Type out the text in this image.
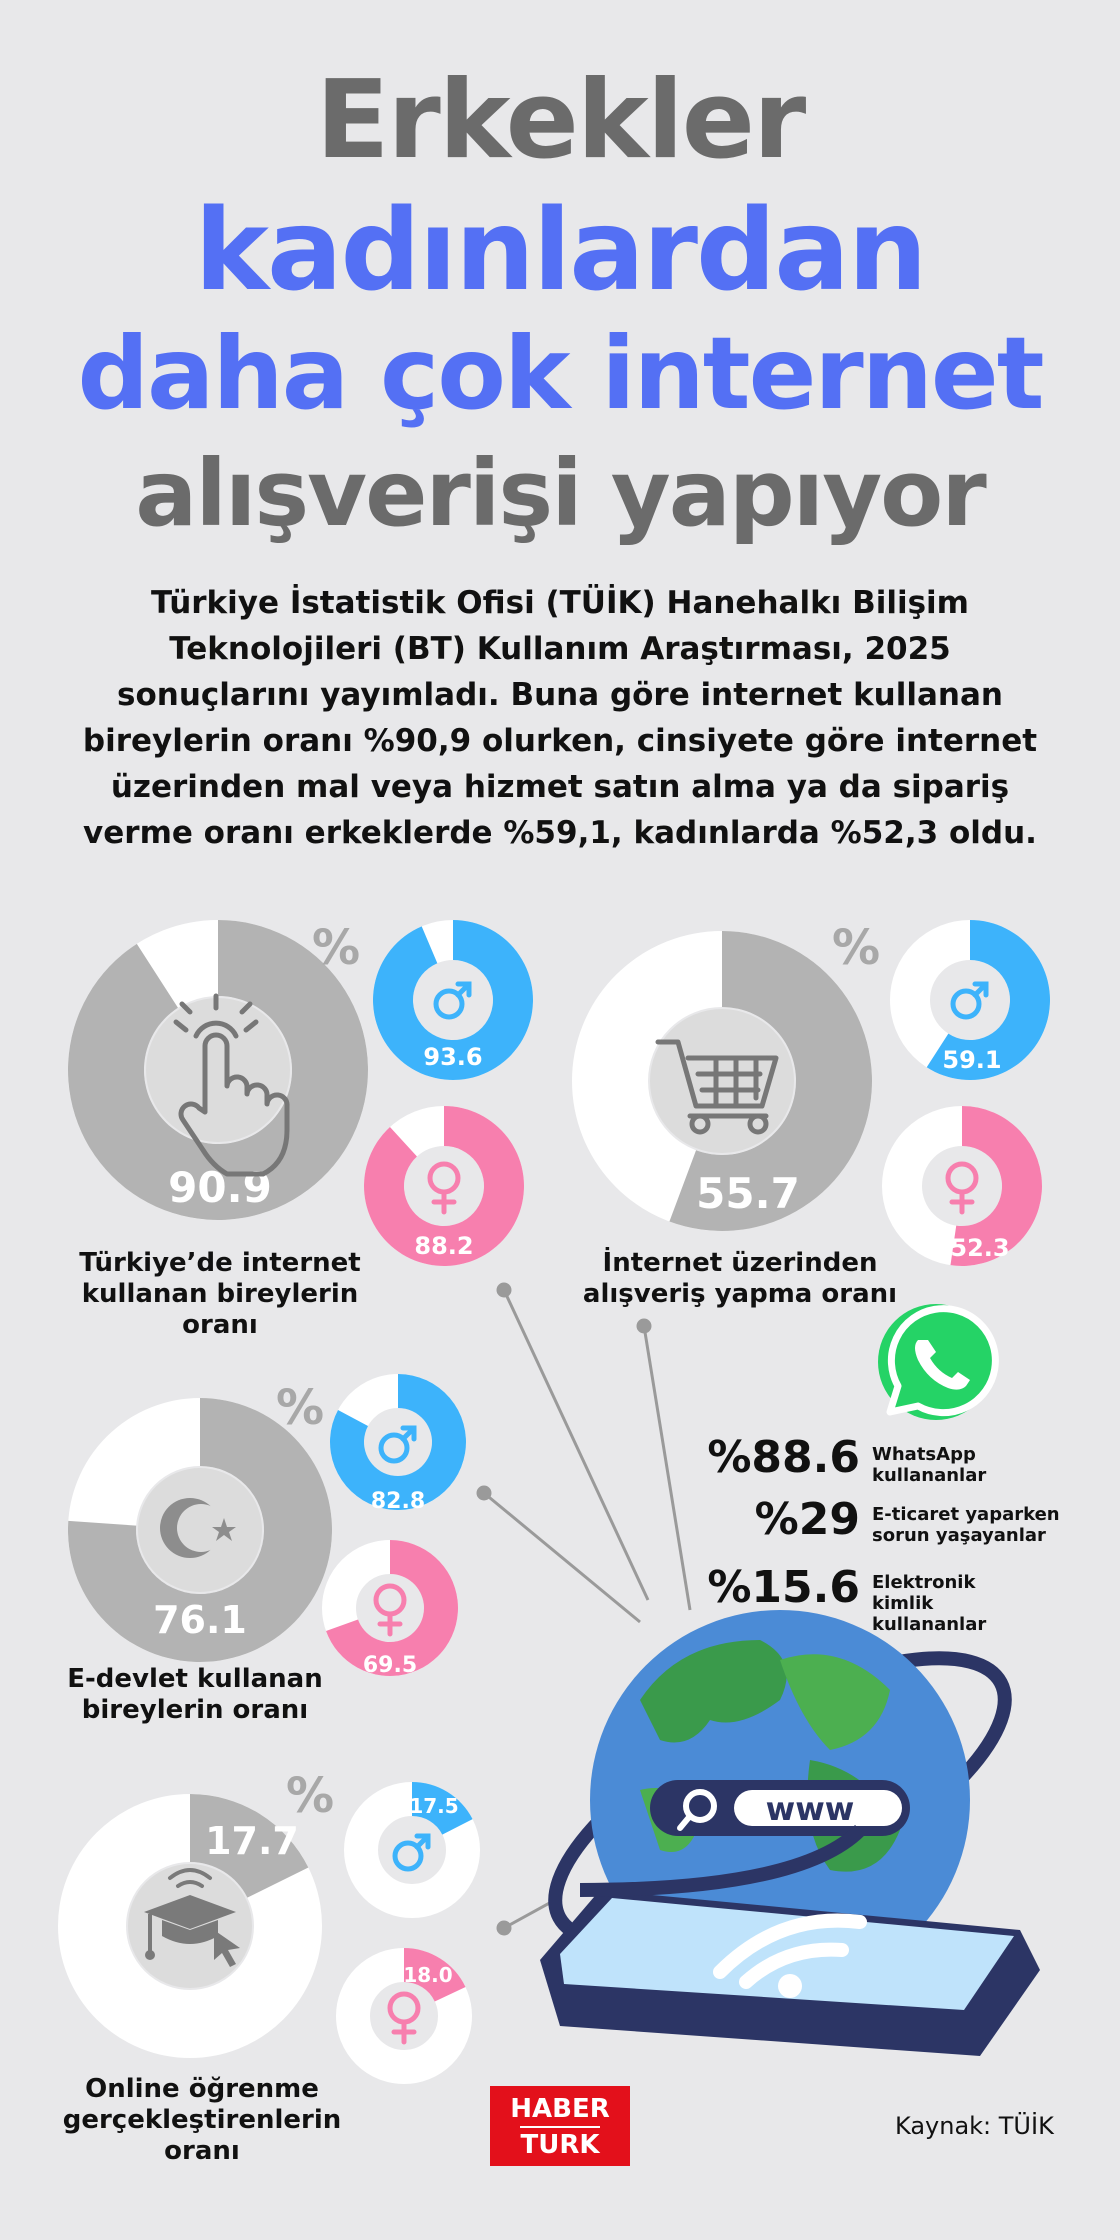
Erkekler
kadınlardan
daha çok internet
alışverişi yapıyor
Türkiye İstatistik Ofisi (TÜİK) Hanehalkı Bilişim Teknolojileri (BT) Kullanım Araştırması, 2025 sonuçlarını yayımladı. Buna göre internet kullanan bireylerin oranı %90,9 olurken, cinsiyete göre internet üzerinden mal veya hizmet satın alma ya da sipariş verme oranı erkeklerde %59,1, kadınlarda %52,3 oldu.
90.9
%
93.6
88.2
55.7
%
59.1
52.3
76.1
%
82.8
69.5
17.7
%	17.5
18.0
www
Türkiye’de internet kullanan bireylerin oranı
İnternet üzerinden alışveriş yapma oranı
E-devlet kullanan bireylerin oranı
Online öğrenme gerçekleştirenlerin oranı
%88.6 WhatsApp kullananlar
%29 E-ticaret yaparken sorun yaşayanlar
%15.6 Elektronik kimlik kullananlar
HABER
TURK
Kaynak: TÜİK
